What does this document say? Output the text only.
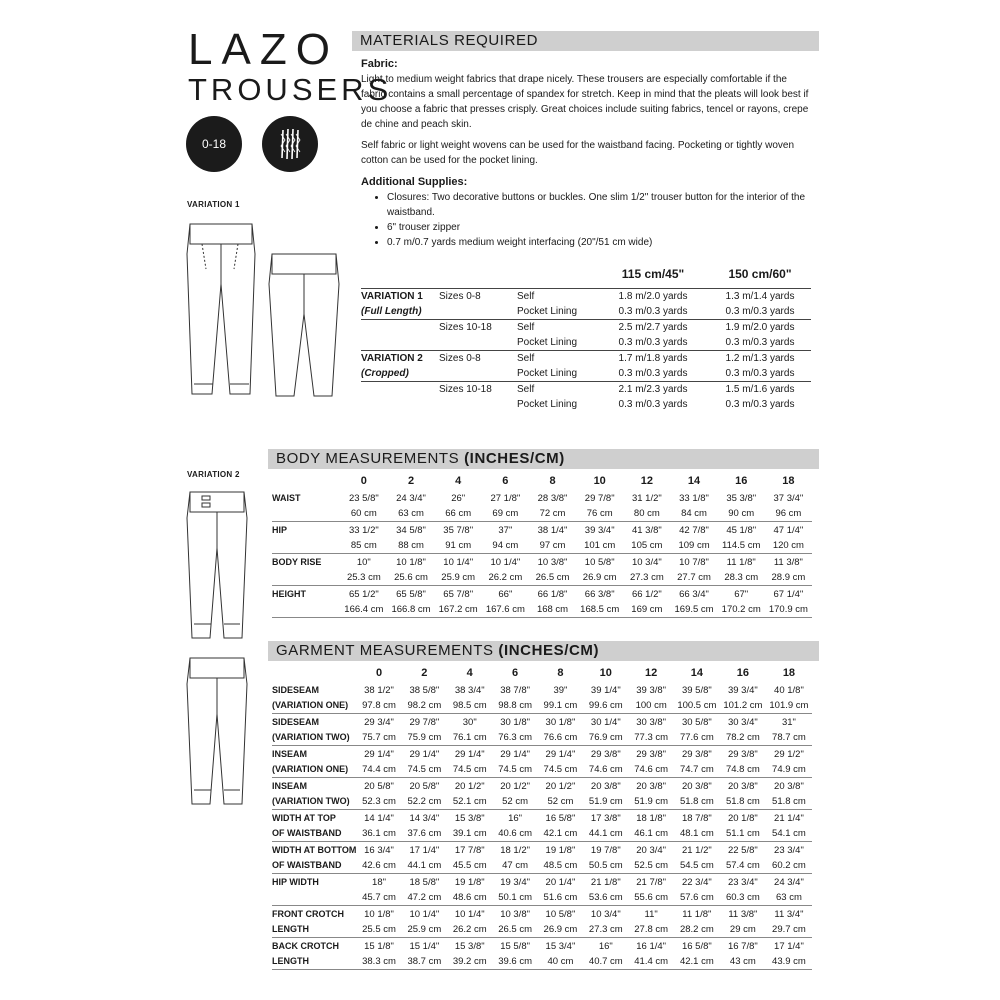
LAZO
TROUSERS
0-18
VARIATION 1
VARIATION 2
MATERIALS REQUIRED
Fabric:
Light to medium weight fabrics that drape nicely. These trousers are especially comfortable if the fabric contains a small percentage of spandex for stretch. Keep in mind that the pleats will look best if you choose a fabric that presses crisply. Great choices include suiting fabrics, tencel or rayons, crepe de chine and peach skin.
Self fabric or light weight wovens can be used for the waistband facing. Pocketing or tightly woven cotton can be used for the pocket lining.
Additional Supplies:
• Closures: Two decorative buttons or buckles. One slim 1/2" trouser button for the interior of the waistband.
• 6" trouser zipper
• 0.7 m/0.7 yards medium weight interfacing (20"/51 cm wide)
			115 cm/45"	150 cm/60"

VARIATION 1	Sizes 0-8	Self	1.8 m/2.0 yards	1.3 m/1.4 yards
(Full Length)		Pocket Lining	0.3 m/0.3 yards	0.3 m/0.3 yards
	Sizes 10-18	Self	2.5 m/2.7 yards	1.9 m/2.0 yards
		Pocket Lining	0.3 m/0.3 yards	0.3 m/0.3 yards
VARIATION 2	Sizes 0-8	Self	1.7 m/1.8 yards	1.2 m/1.3 yards
(Cropped)		Pocket Lining	0.3 m/0.3 yards	0.3 m/0.3 yards
	Sizes 10-18	Self	2.1 m/2.3 yards	1.5 m/1.6 yards
		Pocket Lining	0.3 m/0.3 yards	0.3 m/0.3 yards
BODY MEASUREMENTS (INCHES/CM)
	0	2	4	6	8	10	12	14	16	18
WAIST	23 5/8"	24 3/4"	26"	27 1/8"	28 3/8"	29 7/8"	31 1/2"	33 1/8"	35 3/8"	37 3/4"
	60 cm	63 cm	66 cm	69 cm	72 cm	76 cm	80 cm	84 cm	90 cm	96 cm
HIP	33 1/2"	34 5/8"	35 7/8"	37"	38 1/4"	39 3/4"	41 3/8"	42 7/8"	45 1/8"	47 1/4"
	85 cm	88 cm	91 cm	94 cm	97 cm	101 cm	105 cm	109 cm	114.5 cm	120 cm
BODY RISE	10"	10 1/8"	10 1/4"	10 1/4"	10 3/8"	10 5/8"	10 3/4"	10 7/8"	11 1/8"	11 3/8"
	25.3 cm	25.6 cm	25.9 cm	26.2 cm	26.5 cm	26.9 cm	27.3 cm	27.7 cm	28.3 cm	28.9 cm
HEIGHT	65 1/2"	65 5/8"	65 7/8"	66"	66 1/8"	66 3/8"	66 1/2"	66 3/4"	67"	67 1/4"
	166.4 cm	166.8 cm	167.2 cm	167.6 cm	168 cm	168.5 cm	169 cm	169.5 cm	170.2 cm	170.9 cm
GARMENT MEASUREMENTS (INCHES/CM)
	0	2	4	6	8	10	12	14	16	18
SIDESEAM	38 1/2"	38 5/8"	38 3/4"	38 7/8"	39"	39 1/4"	39 3/8"	39 5/8"	39 3/4"	40 1/8"
(VARIATION ONE)	97.8 cm	98.2 cm	98.5 cm	98.8 cm	99.1 cm	99.6 cm	100 cm	100.5 cm	101.2 cm	101.9 cm
SIDESEAM	29 3/4"	29 7/8"	30"	30 1/8"	30 1/8"	30 1/4"	30 3/8"	30 5/8"	30 3/4"	31"
(VARIATION TWO)	75.7 cm	75.9 cm	76.1 cm	76.3 cm	76.6 cm	76.9 cm	77.3 cm	77.6 cm	78.2 cm	78.7 cm
INSEAM	29 1/4"	29 1/4"	29 1/4"	29 1/4"	29 1/4"	29 3/8"	29 3/8"	29 3/8"	29 3/8"	29 1/2"
(VARIATION ONE)	74.4 cm	74.5 cm	74.5 cm	74.5 cm	74.5 cm	74.6 cm	74.6 cm	74.7 cm	74.8 cm	74.9 cm
INSEAM	20 5/8"	20 5/8"	20 1/2"	20 1/2"	20 1/2"	20 3/8"	20 3/8"	20 3/8"	20 3/8"	20 3/8"
(VARIATION TWO)	52.3 cm	52.2 cm	52.1 cm	52 cm	52 cm	51.9 cm	51.9 cm	51.8 cm	51.8 cm	51.8 cm
WIDTH AT TOP	14 1/4"	14 3/4"	15 3/8"	16"	16 5/8"	17 3/8"	18 1/8"	18 7/8"	20 1/8"	21 1/4"
OF WAISTBAND	36.1 cm	37.6 cm	39.1 cm	40.6 cm	42.1 cm	44.1 cm	46.1 cm	48.1 cm	51.1 cm	54.1 cm
WIDTH AT BOTTOM	16 3/4"	17 1/4"	17 7/8"	18 1/2"	19 1/8"	19 7/8"	20 3/4"	21 1/2"	22 5/8"	23 3/4"
OF WAISTBAND	42.6 cm	44.1 cm	45.5 cm	47 cm	48.5 cm	50.5 cm	52.5 cm	54.5 cm	57.4 cm	60.2 cm
HIP WIDTH	18"	18 5/8"	19 1/8"	19 3/4"	20 1/4"	21 1/8"	21 7/8"	22 3/4"	23 3/4"	24 3/4"
	45.7 cm	47.2 cm	48.6 cm	50.1 cm	51.6 cm	53.6 cm	55.6 cm	57.6 cm	60.3 cm	63 cm
FRONT CROTCH	10 1/8"	10 1/4"	10 1/4"	10 3/8"	10 5/8"	10 3/4"	11"	11 1/8"	11 3/8"	11 3/4"
LENGTH	25.5 cm	25.9 cm	26.2 cm	26.5 cm	26.9 cm	27.3 cm	27.8 cm	28.2 cm	29 cm	29.7 cm
BACK CROTCH	15 1/8"	15 1/4"	15 3/8"	15 5/8"	15 3/4"	16"	16 1/4"	16 5/8"	16 7/8"	17 1/4"
LENGTH	38.3 cm	38.7 cm	39.2 cm	39.6 cm	40 cm	40.7 cm	41.4 cm	42.1 cm	43 cm	43.9 cm
